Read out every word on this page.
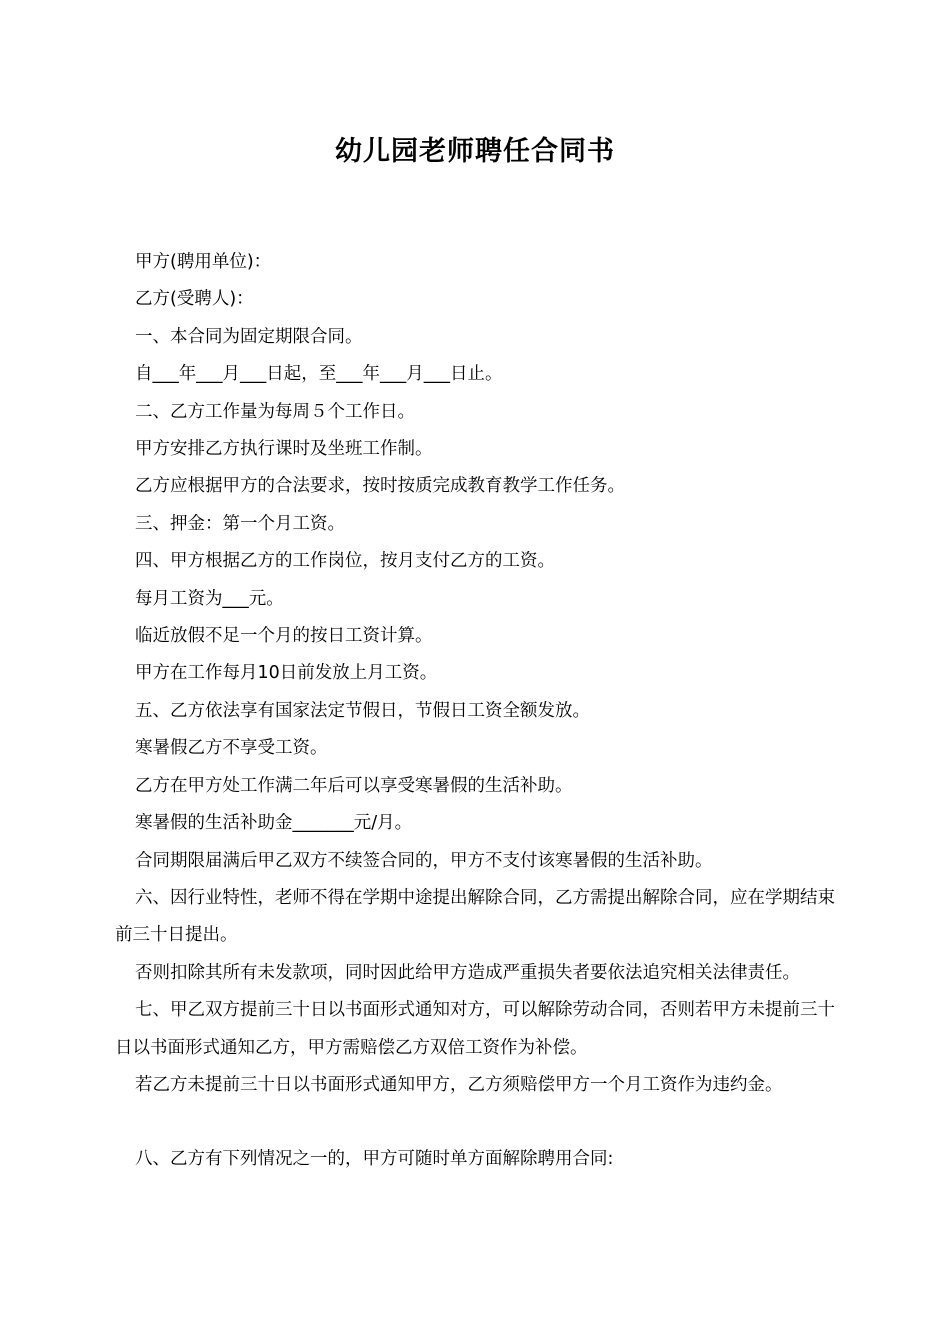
幼儿园老师聘任合同书

甲方(聘用单位)：

乙方(受聘人)：

一、本合同为固定期限合同。

自___年___月___日起，至___年___月___日止。

二、乙方工作量为每周５个工作日。

甲方安排乙方执行课时及坐班工作制。

乙方应根据甲方的合法要求，按时按质完成教育教学工作任务。

三、押金：第一个月工资。

四、甲方根据乙方的工作岗位，按月支付乙方的工资。

每月工资为___元。

临近放假不足一个月的按日工资计算。

甲方在工作每月10日前发放上月工资。

五、乙方依法享有国家法定节假日，节假日工资全额发放。

寒暑假乙方不享受工资。

乙方在甲方处工作满二年后可以享受寒暑假的生活补助。

寒暑假的生活补助金_______元/月。

合同期限届满后甲乙双方不续签合同的，甲方不支付该寒暑假的生活补助。

六、因行业特性，老师不得在学期中途提出解除合同，乙方需提出解除合同，应在学期结束前三十日提出。

否则扣除其所有未发款项，同时因此给甲方造成严重损失者要依法追究相关法律责任。

七、甲乙双方提前三十日以书面形式通知对方，可以解除劳动合同，否则若甲方未提前三十日以书面形式通知乙方，甲方需赔偿乙方双倍工资作为补偿。

若乙方未提前三十日以书面形式通知甲方，乙方须赔偿甲方一个月工资作为违约金。

八、乙方有下列情况之一的，甲方可随时单方面解除聘用合同:
